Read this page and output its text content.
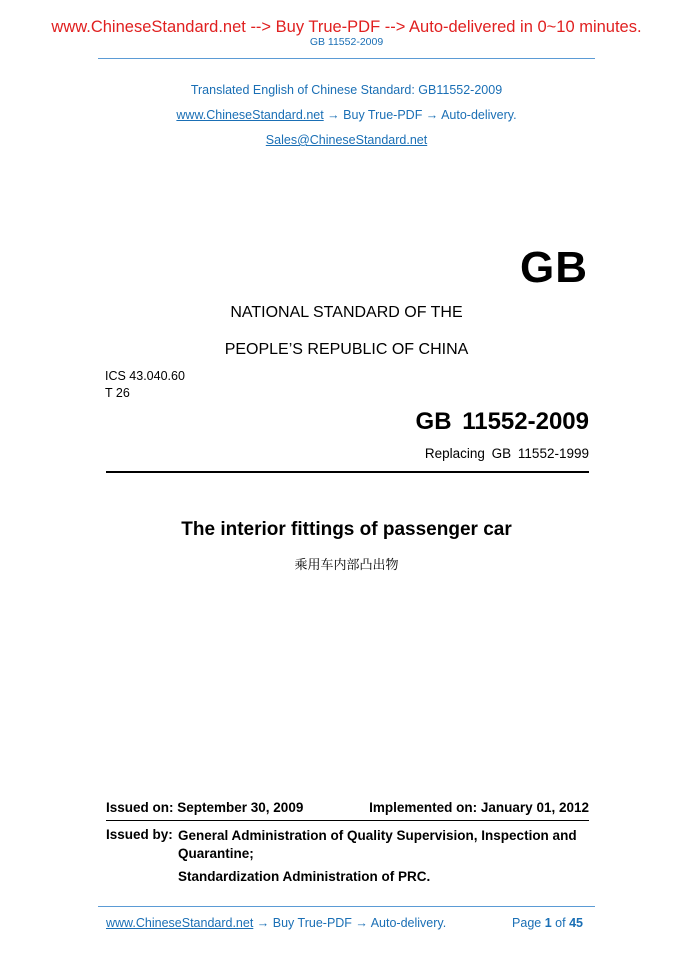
www.ChineseStandard.net --> Buy True-PDF --> Auto-delivered in 0~10 minutes.
GB 11552-2009
Translated English of Chinese Standard: GB11552-2009
www.ChineseStandard.net → Buy True-PDF → Auto-delivery.
Sales@ChineseStandard.net
GB
NATIONAL STANDARD OF THE
PEOPLE’S REPUBLIC OF CHINA
ICS 43.040.60
T 26
GB 11552-2009
Replacing GB 11552-1999
The interior fittings of passenger car
乘用车内部凸出物
Issued on: September 30, 2009	Implemented on: January 01, 2012
Issued by: General Administration of Quality Supervision, Inspection and Quarantine;
Standardization Administration of PRC.
www.ChineseStandard.net → Buy True-PDF → Auto-delivery.	Page 1 of 45
